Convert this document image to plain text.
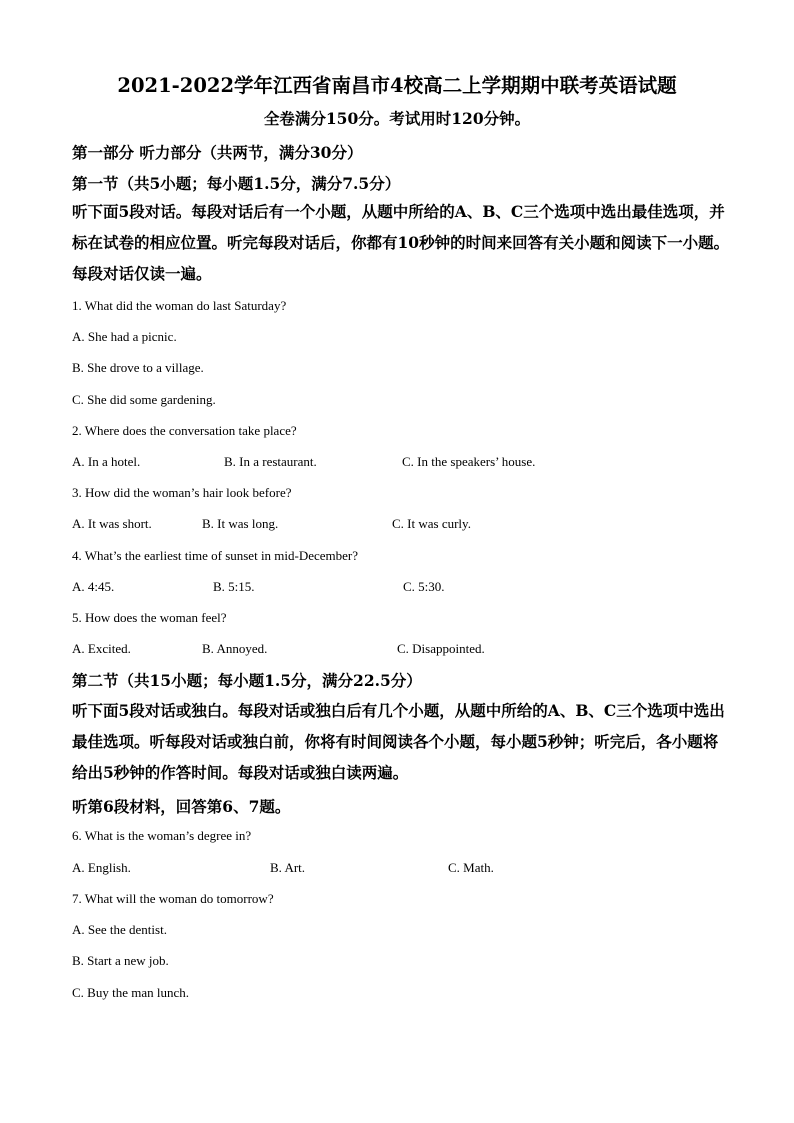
2021-2022学年江西省南昌市4校高二上学期期中联考英语试题
全卷满分150分。考试用时120分钟。
第一部分 听力部分（共两节，满分30分）
第一节（共5小题；每小题1.5分，满分7.5分）
听下面5段对话。每段对话后有一个小题，从题中所给的A、B、C三个选项中选出最佳选项，并标在试卷的相应位置。听完每段对话后，你都有10秒钟的时间来回答有关小题和阅读下一小题。每段对话仅读一遍。
1. What did the woman do last Saturday?
A. She had a picnic.
B. She drove to a village.
C. She did some gardening.
2. Where does the conversation take place?
A. In a hotel.	B. In a restaurant.	C. In the speakers’ house.
3. How did the woman’s hair look before?
A. It was short.	B. It was long.	C. It was curly.
4. What’s the earliest time of sunset in mid-December?
A. 4:45.	B. 5:15.	C. 5:30.
5. How does the woman feel?
A. Excited.	B. Annoyed.	C. Disappointed.
第二节（共15小题；每小题1.5分，满分22.5分）
听下面5段对话或独白。每段对话或独白后有几个小题，从题中所给的A、B、C三个选项中选出最佳选项。听每段对话或独白前，你将有时间阅读各个小题，每小题5秒钟；听完后，各小题将给出5秒钟的作答时间。每段对话或独白读两遍。
听第6段材料，回答第6、7题。
6. What is the woman’s degree in?
A. English.	B. Art.	C. Math.
7. What will the woman do tomorrow?
A. See the dentist.
B. Start a new job.
C. Buy the man lunch.
